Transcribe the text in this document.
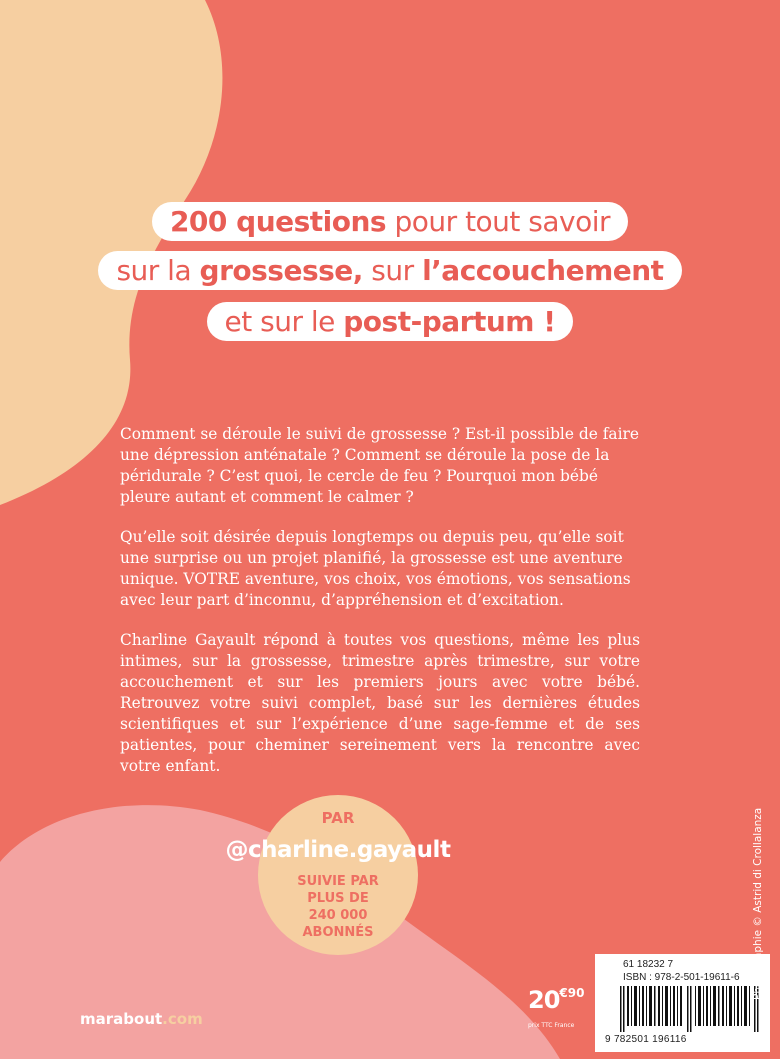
200 questions pour tout savoir
sur la grossesse, sur l’accouchement
et sur le post-partum !

Comment se déroule le suivi de grossesse ? Est-il possible de faire une dépression anténatale ? Comment se déroule la pose de la péridurale ? C’est quoi, le cercle de feu ? Pourquoi mon bébé pleure autant et comment le calmer ?

Qu’elle soit désirée depuis longtemps ou depuis peu, qu’elle soit une surprise ou un projet planifié, la grossesse est une aventure unique. VOTRE aventure, vos choix, vos émotions, vos sensations avec leur part d’inconnu, d’appréhension et d’excitation.

Charline Gayault répond à toutes vos questions, même les plus intimes, sur la grossesse, trimestre après trimestre, sur votre accouchement et sur les premiers jours avec votre bébé. Retrouvez votre suivi complet, basé sur les dernières études scientifiques et sur l’expérience d’une sage-femme et de ses patientes, pour cheminer sereinement vers la rencontre avec votre enfant.

PAR
@charline.gayault
SUIVIE PAR
PLUS DE
240 000
ABONNÉS
marabout.com
$20^{€90}$
prix TTC France
61 18232 7
ISBN : 978-2-501-19611-6
9 782501 196116
Photographie © Astrid di Crollalanza
